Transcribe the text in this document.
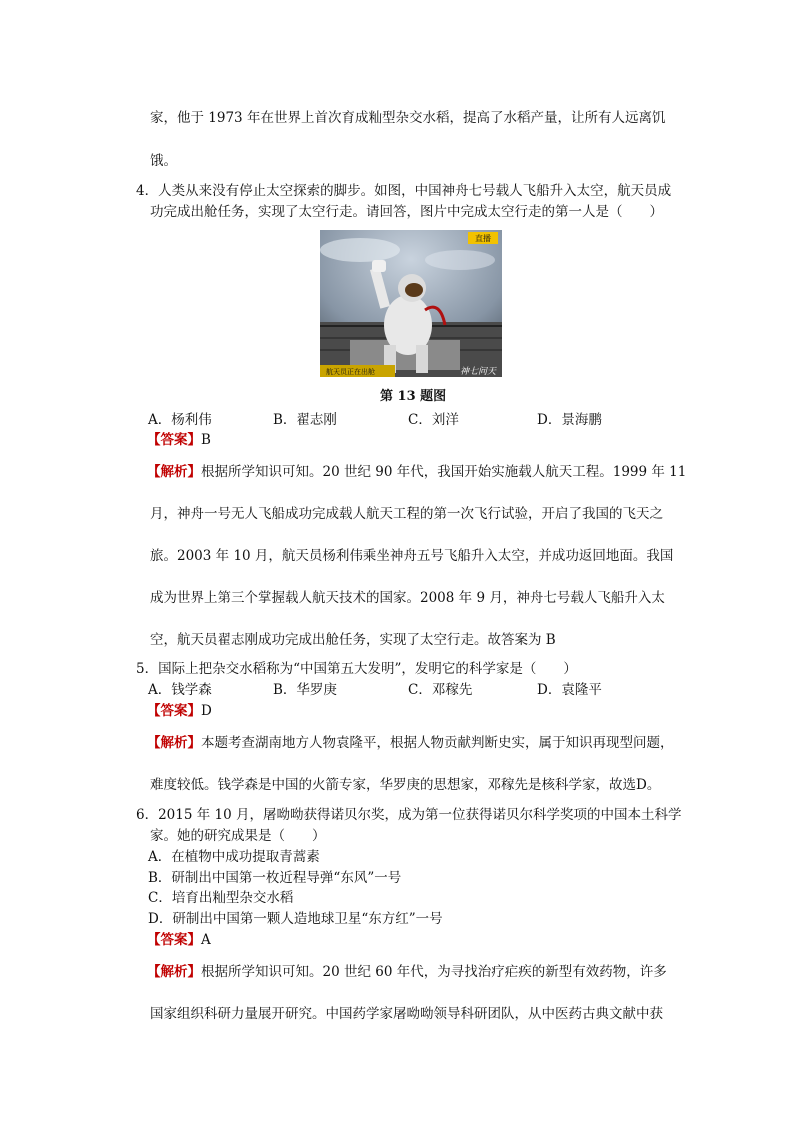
家，他于 1973 年在世界上首次育成籼型杂交水稻，提高了水稻产量，让所有人远离饥
饿。
4．人类从来没有停止太空探索的脚步。如图，中国神舟七号载人飞船升入太空，航天员成
功完成出舱任务，实现了太空行走。请回答，图片中完成太空行走的第一人是（　　）
直播
航天员正在出舱	神七问天
第 13 题图
A．杨利伟	B．翟志刚	C．刘洋	D．景海鹏
【答案】B
【解析】根据所学知识可知。20 世纪 90 年代，我国开始实施载人航天工程。1999 年 11
月，神舟一号无人飞船成功完成载人航天工程的第一次飞行试验，开启了我国的飞天之
旅。2003 年 10 月，航天员杨利伟乘坐神舟五号飞船升入太空，并成功返回地面。我国
成为世界上第三个掌握载人航天技术的国家。2008 年 9 月，神舟七号载人飞船升入太
空，航天员翟志刚成功完成出舱任务，实现了太空行走。故答案为 B
5．国际上把杂交水稻称为“中国第五大发明”，发明它的科学家是（　　）
A．钱学森	B．华罗庚	C．邓稼先	D．袁隆平
【答案】D
【解析】本题考查湖南地方人物袁隆平，根据人物贡献判断史实，属于知识再现型问题，
难度较低。钱学森是中国的火箭专家，华罗庚的思想家，邓稼先是核科学家，故选D。
6．2015 年 10 月，屠呦呦获得诺贝尔奖，成为第一位获得诺贝尔科学奖项的中国本土科学
家。她的研究成果是（　　）
A．在植物中成功提取青蒿素
B．研制出中国第一枚近程导弹“东风”一号
C．培育出籼型杂交水稻
D．研制出中国第一颗人造地球卫星“东方红”一号
【答案】A
【解析】根据所学知识可知。20 世纪 60 年代，为寻找治疗疟疾的新型有效药物，许多
国家组织科研力量展开研究。中国药学家屠呦呦领导科研团队，从中医药古典文献中获
